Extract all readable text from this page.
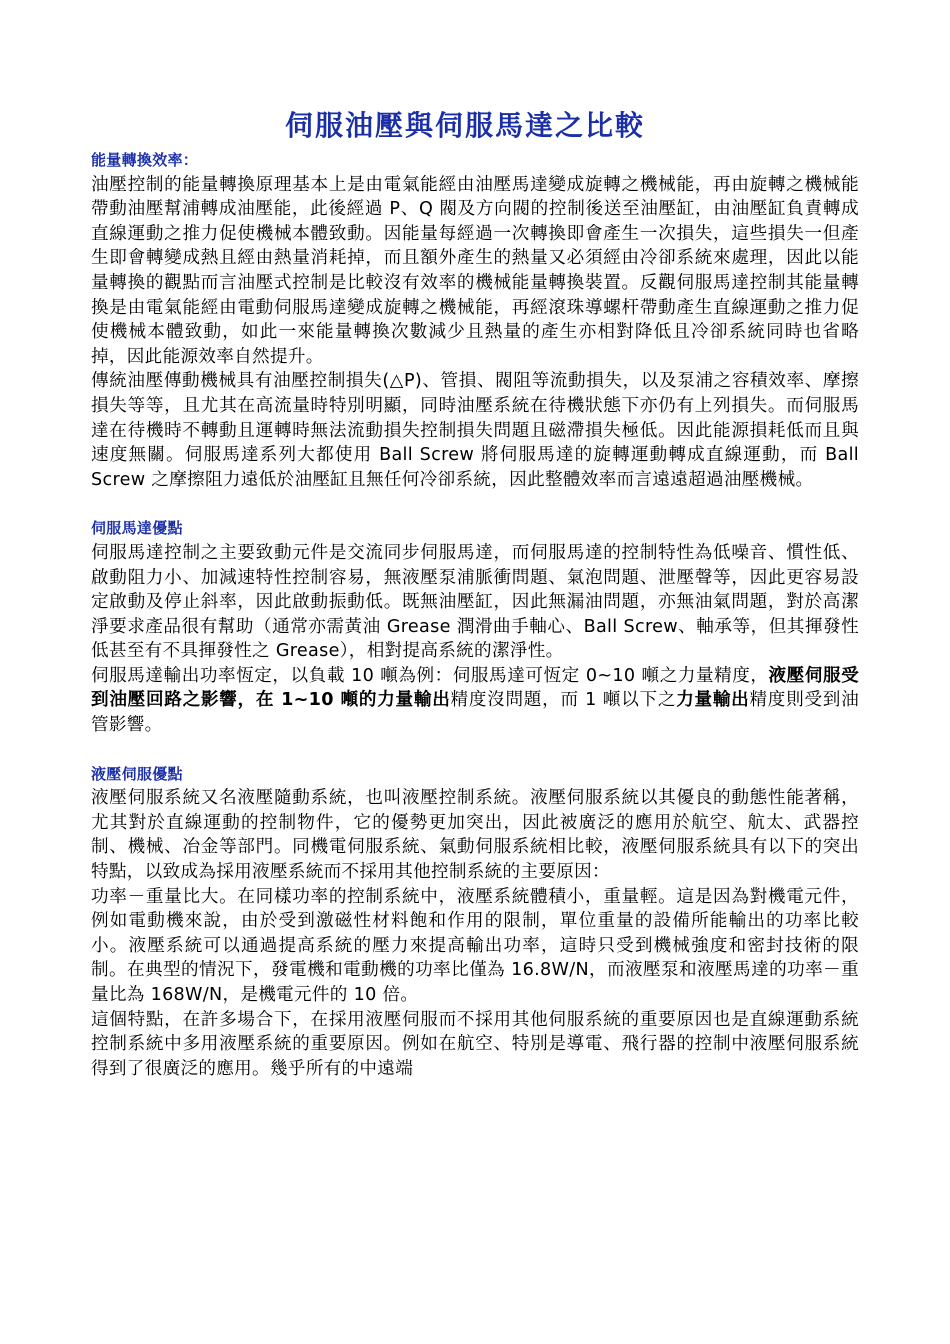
伺服油壓與伺服馬達之比較
能量轉換效率：

油壓控制的能量轉換原理基本上是由電氣能經由油壓馬達變成旋轉之機械能，再由旋轉之機械能帶動油壓幫浦轉成油壓能，此後經過 P、Q 閥及方向閥的控制後送至油壓缸，由油壓缸負責轉成直線運動之推力促使機械本體致動。因能量每經過一次轉換即會產生一次損失，這些損失一但產生即會轉變成熱且經由熱量消耗掉，而且額外產生的熱量又必須經由冷卻系統來處理，因此以能量轉換的觀點而言油壓式控制是比較沒有效率的機械能量轉換裝置。反觀伺服馬達控制其能量轉換是由電氣能經由電動伺服馬達變成旋轉之機械能，再經滾珠導螺杆帶動產生直線運動之推力促使機械本體致動，如此一來能量轉換次數減少且熱量的產生亦相對降低且冷卻系統同時也省略掉，因此能源效率自然提升。

傳統油壓傳動機械具有油壓控制損失(△P)、管損、閥阻等流動損失，以及泵浦之容積效率、摩擦損失等等，且尤其在高流量時特別明顯，同時油壓系統在待機狀態下亦仍有上列損失。而伺服馬達在待機時不轉動且運轉時無法流動損失控制損失問題且磁滯損失極低。因此能源損耗低而且與速度無關。伺服馬達系列大都使用 Ball Screw 將伺服馬達的旋轉運動轉成直線運動，而 Ball Screw 之摩擦阻力遠低於油壓缸且無任何冷卻系統，因此整體效率而言遠遠超過油壓機械。

伺服馬達優點

伺服馬達控制之主要致動元件是交流同步伺服馬達，而伺服馬達的控制特性為低噪音、慣性低、啟動阻力小、加減速特性控制容易，無液壓泵浦脈衝問題、氣泡問題、泄壓聲等，因此更容易設定啟動及停止斜率，因此啟動振動低。既無油壓缸，因此無漏油問題，亦無油氣問題，對於高潔淨要求產品很有幫助（通常亦需黃油 Grease 潤滑曲手軸心、Ball Screw、軸承等，但其揮發性低甚至有不具揮發性之 Grease），相對提高系統的潔淨性。

伺服馬達輸出功率恆定，以負載 10 噸為例：伺服馬達可恆定 0~10 噸之力量精度，液壓伺服受到油壓回路之影響，在 1~10 噸的力量輸出精度沒問題，而 1 噸以下之力量輸出精度則受到油管影響。

液壓伺服優點

液壓伺服系統又名液壓隨動系統，也叫液壓控制系統。液壓伺服系統以其優良的動態性能著稱，尤其對於直線運動的控制物件，它的優勢更加突出，因此被廣泛的應用於航空、航太、武器控制、機械、冶金等部門。同機電伺服系統、氣動伺服系統相比較，液壓伺服系統具有以下的突出特點，以致成為採用液壓系統而不採用其他控制系統的主要原因：

功率－重量比大。在同樣功率的控制系統中，液壓系統體積小，重量輕。這是因為對機電元件，例如電動機來說，由於受到激磁性材料飽和作用的限制，單位重量的設備所能輸出的功率比較小。液壓系統可以通過提高系統的壓力來提高輸出功率，這時只受到機械強度和密封技術的限制。在典型的情況下，發電機和電動機的功率比僅為 16.8W/N，而液壓泵和液壓馬達的功率－重量比為 168W/N，是機電元件的 10 倍。

這個特點，在許多場合下，在採用液壓伺服而不採用其他伺服系統的重要原因也是直線運動系統控制系統中多用液壓系統的重要原因。例如在航空、特別是導電、飛行器的控制中液壓伺服系統得到了很廣泛的應用。幾乎所有的中遠端
